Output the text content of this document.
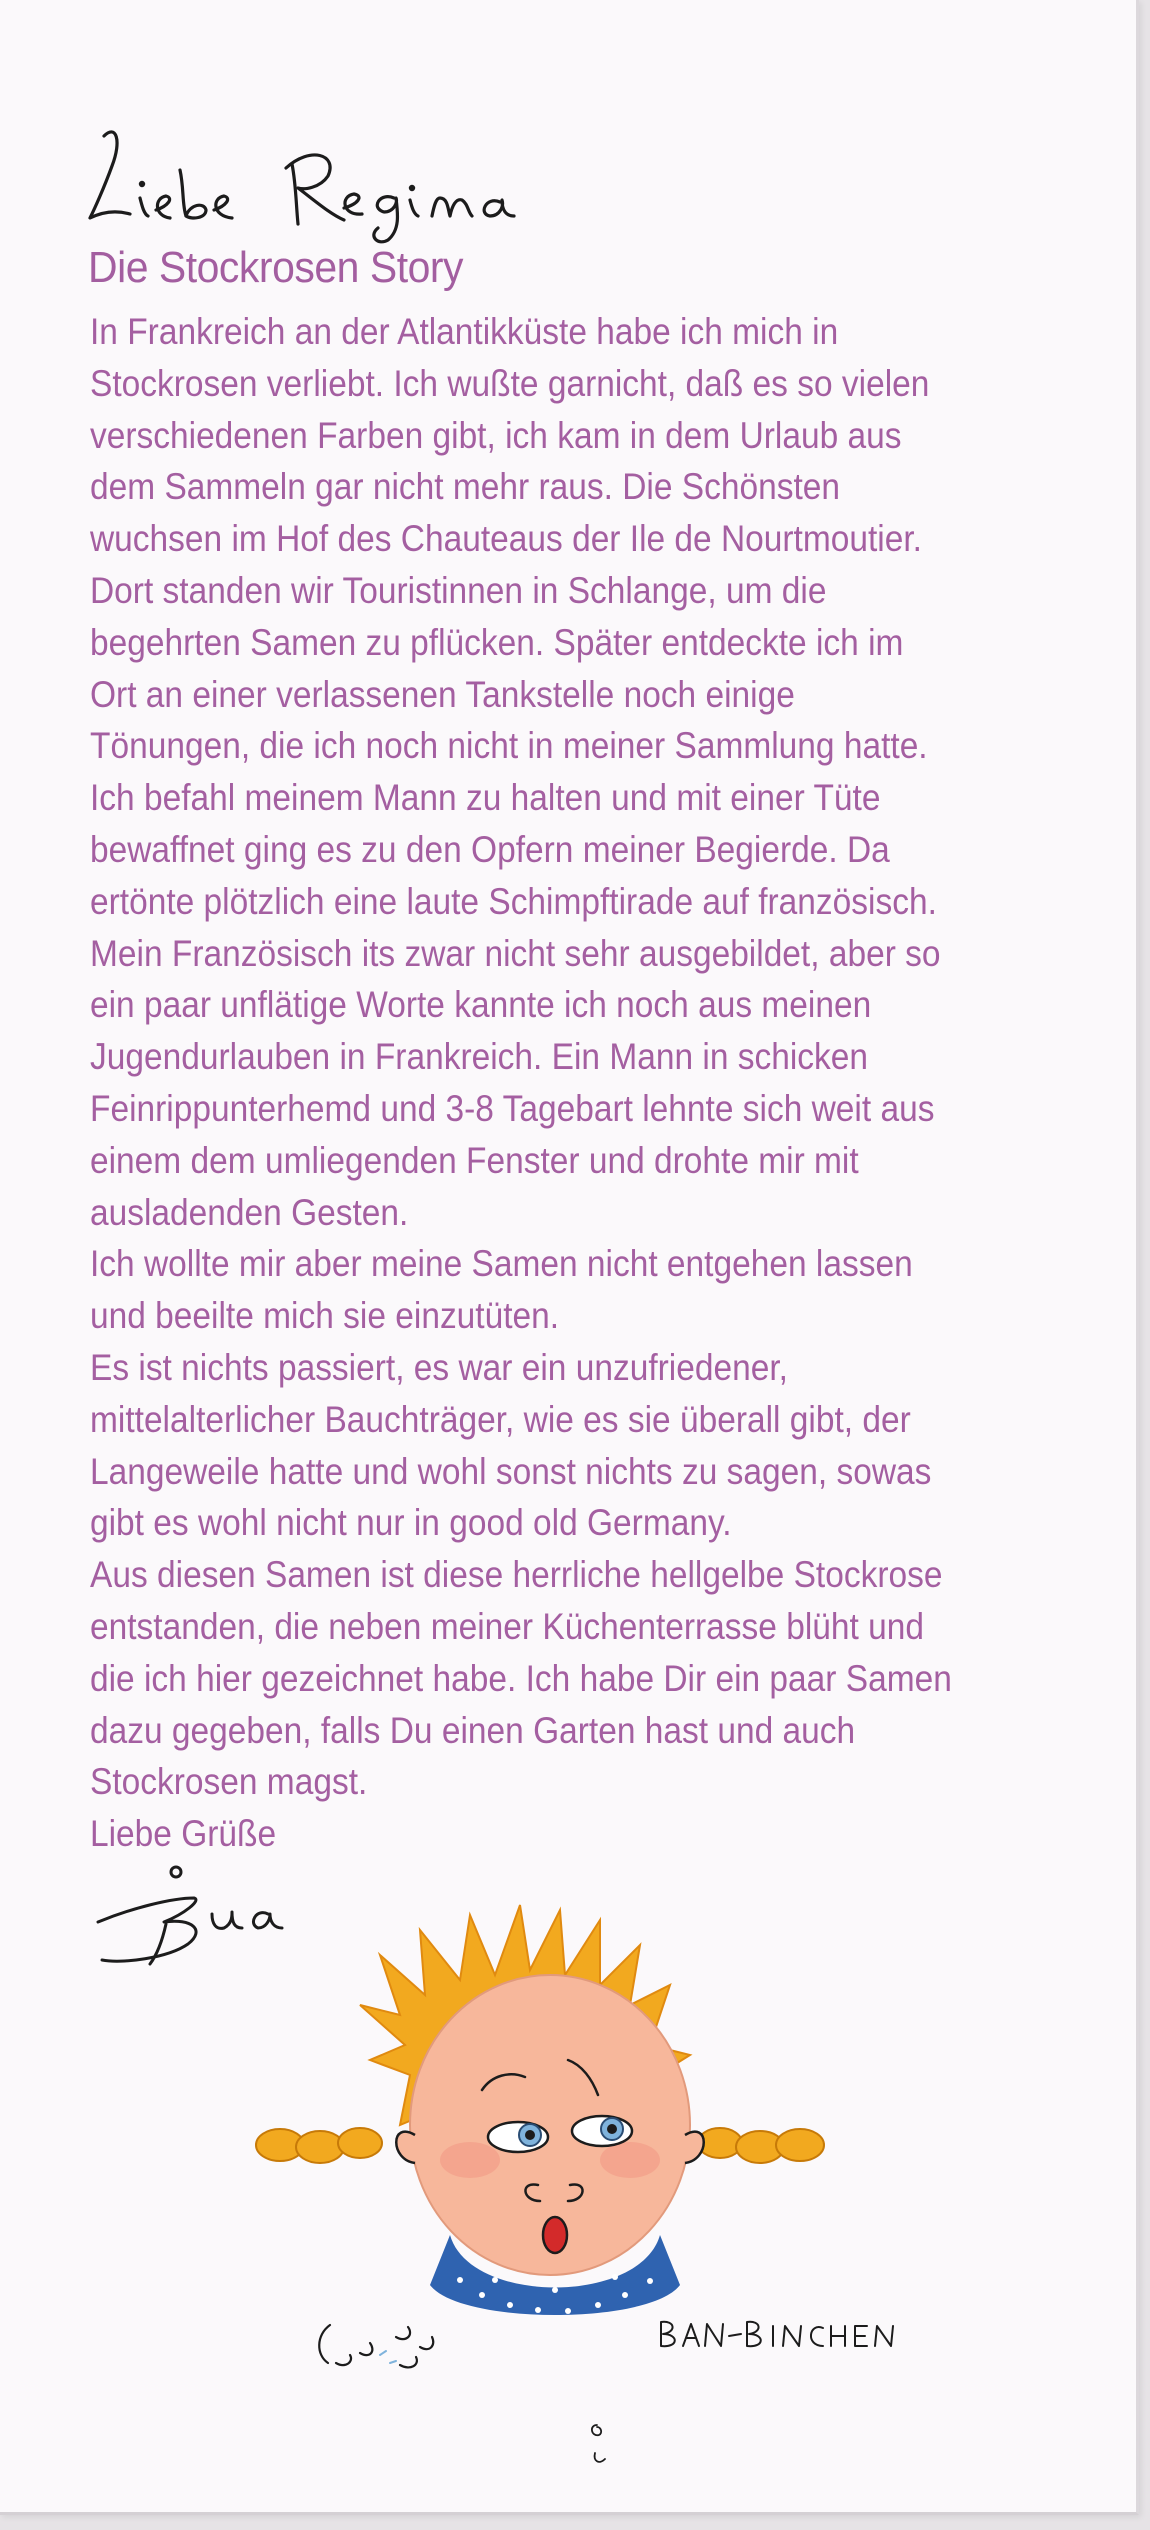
Die Stockrosen Story
In Frankreich an der Atlantikküste habe ich mich in
Stockrosen verliebt. Ich wußte garnicht, daß es so vielen
verschiedenen Farben gibt, ich kam in dem Urlaub aus
dem Sammeln gar nicht mehr raus. Die Schönsten
wuchsen im Hof des Chauteaus der Ile de Nourtmoutier.
Dort standen wir Touristinnen in Schlange, um die
begehrten Samen zu pflücken. Später entdeckte ich im
Ort an einer verlassenen Tankstelle noch einige
Tönungen, die ich noch nicht in meiner Sammlung hatte.
Ich befahl meinem Mann zu halten und mit einer Tüte
bewaffnet ging es zu den Opfern meiner Begierde. Da
ertönte plötzlich eine laute Schimpftirade auf französisch.
Mein Französisch its zwar nicht sehr ausgebildet, aber so
ein paar unflätige Worte kannte ich noch aus meinen
Jugendurlauben in Frankreich. Ein Mann in schicken
Feinrippunterhemd und 3-8 Tagebart lehnte sich weit aus
einem dem umliegenden Fenster und drohte mir mit
ausladenden Gesten.
Ich wollte mir aber meine Samen nicht entgehen lassen
und beeilte mich sie einzutüten.
Es ist nichts passiert, es war ein unzufriedener,
mittelalterlicher Bauchträger, wie es sie überall gibt, der
Langeweile hatte und wohl sonst nichts zu sagen, sowas
gibt es wohl nicht nur in good old Germany.
Aus diesen Samen ist diese herrliche hellgelbe Stockrose
entstanden, die neben meiner Küchenterrasse blüht und
die ich hier gezeichnet habe. Ich habe Dir ein paar Samen
dazu gegeben, falls Du einen Garten hast und auch
Stockrosen magst.
Liebe Grüße
